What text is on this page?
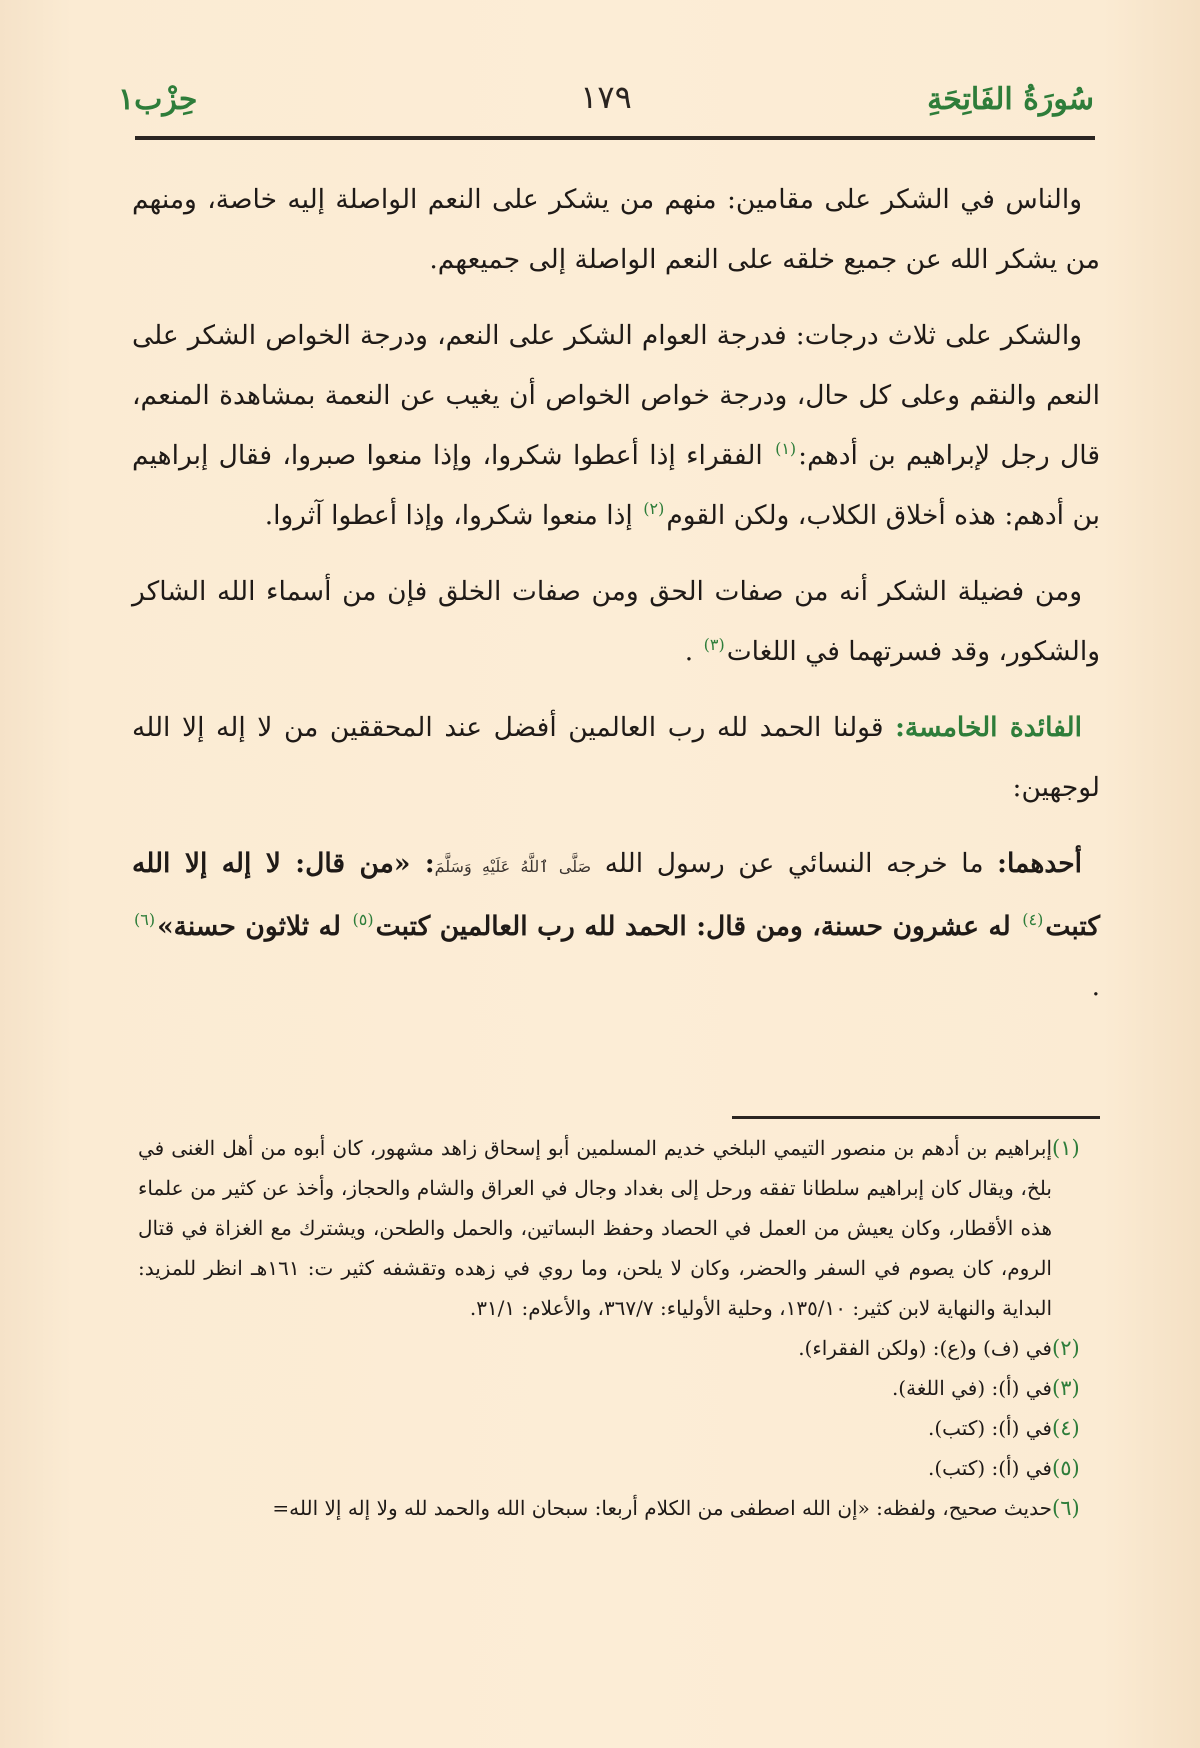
سُورَةُ الفَاتِحَةِ
١٧٩
حِزْب١

والناس في الشكر على مقامين: منهم من يشكر على النعم الواصلة إليه خاصة، ومنهم من يشكر الله عن جميع خلقه على النعم الواصلة إلى جميعهم.

والشكر على ثلاث درجات: فدرجة العوام الشكر على النعم، ودرجة الخواص الشكر على النعم والنقم وعلى كل حال، ودرجة خواص الخواص أن يغيب عن النعمة بمشاهدة المنعم، قال رجل لإبراهيم بن أدهم:$^{(١)}$ الفقراء إذا أعطوا شكروا، وإذا منعوا صبروا، فقال إبراهيم بن أدهم: هذه أخلاق الكلاب، ولكن القوم$^{(٢)}$ إذا منعوا شكروا، وإذا أعطوا آثروا.

ومن فضيلة الشكر أنه من صفات الحق ومن صفات الخلق فإن من أسماء الله الشاكر والشكور، وقد فسرتهما في اللغات$^{(٣)}$ .

الفائدة الخامسة: قولنا الحمد لله رب العالمين أفضل عند المحققين من لا إله إلا الله لوجهين:

أحدهما: ما خرجه النسائي عن رسول الله صَلَّى ٱللَّهُ عَلَيْهِ وَسَلَّمَ: «من قال: لا إله إلا الله كتبت$^{(٤)}$ له عشرون حسنة، ومن قال: الحمد لله رب العالمين كتبت$^{(٥)}$ له ثلاثون حسنة»$^{(٦)}$ .

(١)
إبراهيم بن أدهم بن منصور التيمي البلخي خديم المسلمين أبو إسحاق زاهد مشهور، كان أبوه من أهل الغنى في بلخ، ويقال كان إبراهيم سلطانا تفقه ورحل إلى بغداد وجال في العراق والشام والحجاز، وأخذ عن كثير من علماء هذه الأقطار، وكان يعيش من العمل في الحصاد وحفظ البساتين، والحمل والطحن، ويشترك مع الغزاة في قتال الروم، كان يصوم في السفر والحضر، وكان لا يلحن، وما روي في زهده وتقشفه كثير ت: ١٦١هـ انظر للمزيد: البداية والنهاية لابن كثير: ١٣٥/١٠، وحلية الأولياء: ٣٦٧/٧، والأعلام: ٣١/١.
(٢)
في (ف) و(ع): (ولكن الفقراء).
(٣)
في (أ): (في اللغة).
(٤)
في (أ): (كتب).
(٥)
في (أ): (كتب).
(٦)
حديث صحيح، ولفظه: «إن الله اصطفى من الكلام أربعا: سبحان الله والحمد لله ولا إله إلا الله=
